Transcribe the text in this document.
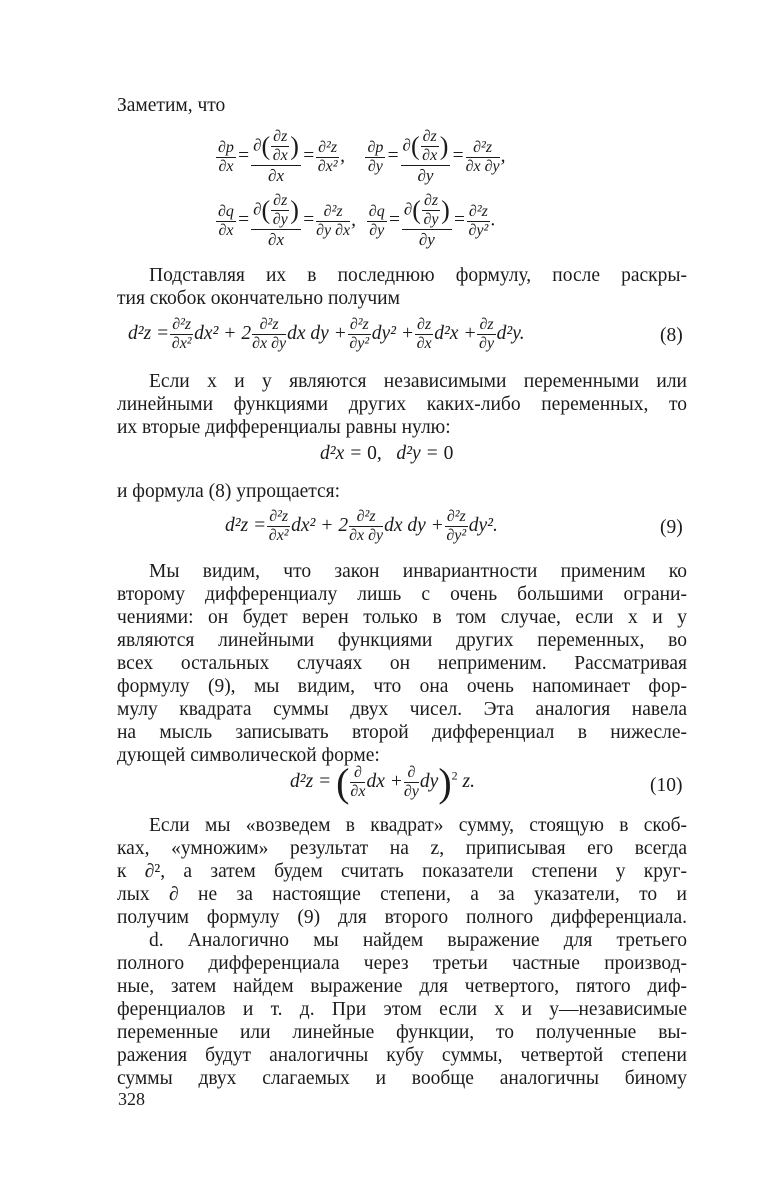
Заметим, что
$\frac{\partial p}{\partial x} = \frac{\partial( \frac{\partial z}{\partial x} )}{\partial x} = \frac{\text{∂²z}}{\text{∂x²}}$ , $\frac{\partial p}{\partial y} = \frac{\partial( \frac{\partial z}{\partial x} )}{\partial y} = \frac{\text{∂²z}}{\partial x \partial y}$ ,
$\frac{\partial q}{\partial x} = \frac{\partial( \frac{\partial z}{\partial y} )}{\partial x} = \frac{\text{∂²z}}{\partial y \partial x}$ , $\frac{\partial q}{\partial y} = \frac{\partial( \frac{\partial z}{\partial y} )}{\partial y} = \frac{\text{∂²z}}{\text{∂y²}}$ .
Подставляя их в последнюю формулу, после раскры-
тия скобок окончательно получим
$d^2z = \frac{\text{∂²z}}{\text{∂x²}} dx^2 + 2 \frac{\text{∂²z}}{\partial x \partial y}$ dx dy + $\frac{\text{∂²z}}{\text{∂y²}} dy^2 + \frac{\partial z}{\partial x} d^2x + \frac{\partial z}{\partial y} d^2y$.	(8)
Если x и y являются независимыми переменными или
линейными функциями других каких-либо переменных, то
их вторые дифференциалы равны нулю:
d²x = 0,   d²y = 0
и формула (8) упрощается:
$d^2z = \frac{\text{∂²z}}{\text{∂x²}} dx^2 + 2 \frac{\text{∂²z}}{\partial x \partial y}$ dx dy + $\frac{\text{∂²z}}{\text{∂y²}} dy^2$.	(9)
Мы видим, что закон инвариантности применим ко
второму дифференциалу лишь с очень большими ограни-
чениями: он будет верен только в том случае, если x и y
являются линейными функциями других переменных, во
всех остальных случаях он неприменим. Рассматривая
формулу (9), мы видим, что она очень напоминает фор-
мулу квадрата суммы двух чисел. Эта аналогия навела
на мысль записывать второй дифференциал в нижесле-
дующей символической форме:
d²z = ( $\frac{\partial}{\partial x}$ dx + $\frac{\partial}{\partial y} dy)^2$ z.	(10)
Если мы «возведем в квадрат» сумму, стоящую в скоб-
ках, «умножим» результат на z, приписывая его всегда
к ∂², а затем будем считать показатели степени у круг-
лых ∂ не за настоящие степени, а за указатели, то и
получим формулу (9) для второго полного дифференциала.
d. Аналогично мы найдем выражение для третьего
полного дифференциала через третьи частные производ-
ные, затем найдем выражение для четвертого, пятого диф-
ференциалов и т. д. При этом если x и y—независимые
переменные или линейные функции, то полученные вы-
ражения будут аналогичны кубу суммы, четвертой степени
суммы двух слагаемых и вообще аналогичны биному
328
